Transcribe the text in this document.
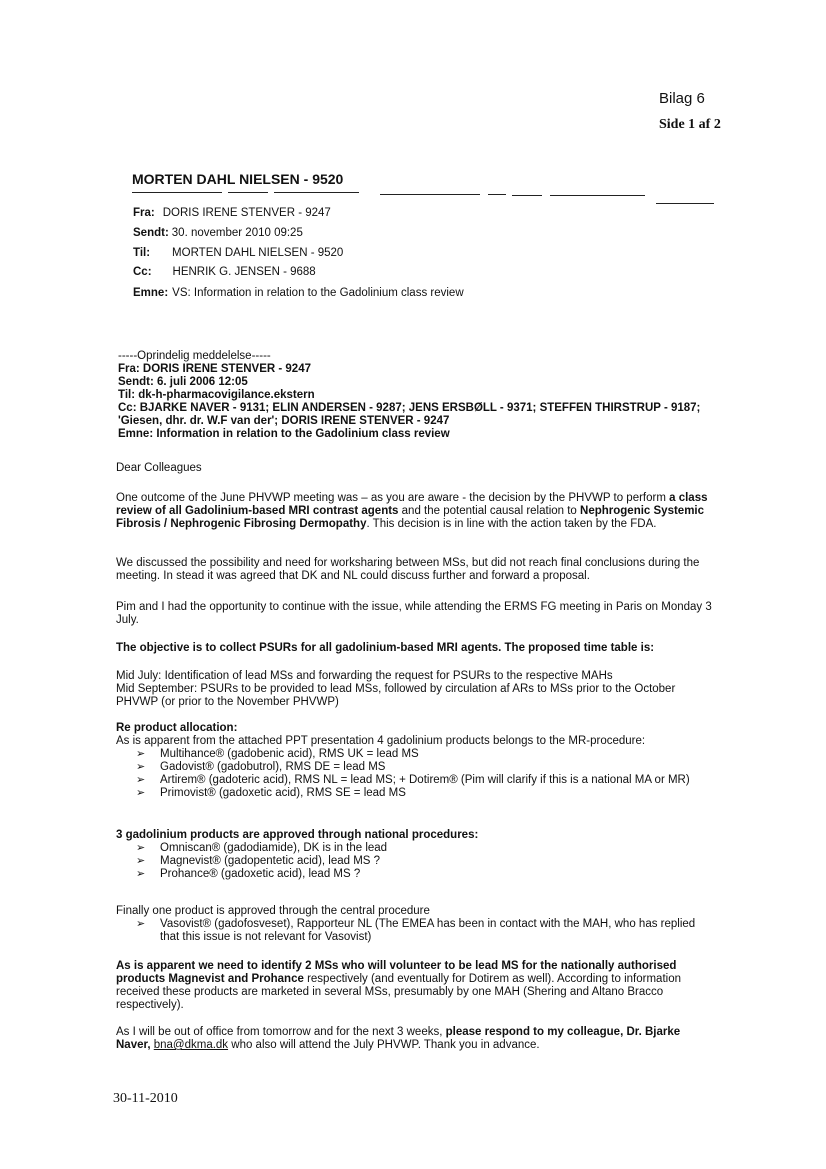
Bilag 6
Side 1 af 2
MORTEN DAHL NIELSEN - 9520
Fra: DORIS IRENE STENVER - 9247
Sendt: 30. november 2010 09:25
Til: MORTEN DAHL NIELSEN - 9520
Cc: HENRIK G. JENSEN - 9688
Emne: VS: Information in relation to the Gadolinium class review
-----Oprindelig meddelelse-----
Fra: DORIS IRENE STENVER - 9247
Sendt: 6. juli 2006 12:05
Til: dk-h-pharmacovigilance.ekstern
Cc: BJARKE NAVER - 9131; ELIN ANDERSEN - 9287; JENS ERSBØLL - 9371; STEFFEN THIRSTRUP - 9187; 'Giesen, dhr. dr. W.F van der'; DORIS IRENE STENVER - 9247
Emne: Information in relation to the Gadolinium class review
Dear Colleagues
One outcome of the June PHVWP meeting was – as you are aware - the decision by the PHVWP to perform a class review of all Gadolinium-based MRI contrast agents and the potential causal relation to Nephrogenic Systemic Fibrosis / Nephrogenic Fibrosing Dermopathy. This decision is in line with the action taken by the FDA.
We discussed the possibility and need for worksharing between MSs, but did not reach final conclusions during the meeting. In stead it was agreed that DK and NL could discuss further and forward a proposal.
Pim and I had the opportunity to continue with the issue, while attending the ERMS FG meeting in Paris on Monday 3 July.
The objective is to collect PSURs for all gadolinium-based MRI agents. The proposed time table is:
Mid July: Identification of lead MSs and forwarding the request for PSURs to the respective MAHs
Mid September: PSURs to be provided to lead MSs, followed by circulation af ARs to MSs prior to the October PHVWP (or prior to the November PHVWP)
Re product allocation:
As is apparent from the attached PPT presentation 4 gadolinium products belongs to the MR-procedure:
➢ Multihance® (gadobenic acid), RMS UK = lead MS
➢ Gadovist® (gadobutrol), RMS DE = lead MS
➢ Artirem® (gadoteric acid), RMS NL = lead MS; + Dotirem® (Pim will clarify if this is a national MA or MR)
➢ Primovist® (gadoxetic acid), RMS SE = lead MS
3 gadolinium products are approved through national procedures:
➢ Omniscan® (gadodiamide), DK is in the lead
➢ Magnevist® (gadopentetic acid), lead MS ?
➢ Prohance® (gadoxetic acid), lead MS ?
Finally one product is approved through the central procedure
➢ Vasovist® (gadofosveset), Rapporteur NL (The EMEA has been in contact with the MAH, who has replied that this issue is not relevant for Vasovist)
As is apparent we need to identify 2 MSs who will volunteer to be lead MS for the nationally authorised products Magnevist and Prohance respectively (and eventually for Dotirem as well). According to information received these products are marketed in several MSs, presumably by one MAH (Shering and Altano Bracco respectively).
As I will be out of office from tomorrow and for the next 3 weeks, please respond to my colleague, Dr. Bjarke Naver, bna@dkma.dk who also will attend the July PHVWP. Thank you in advance.
30-11-2010
